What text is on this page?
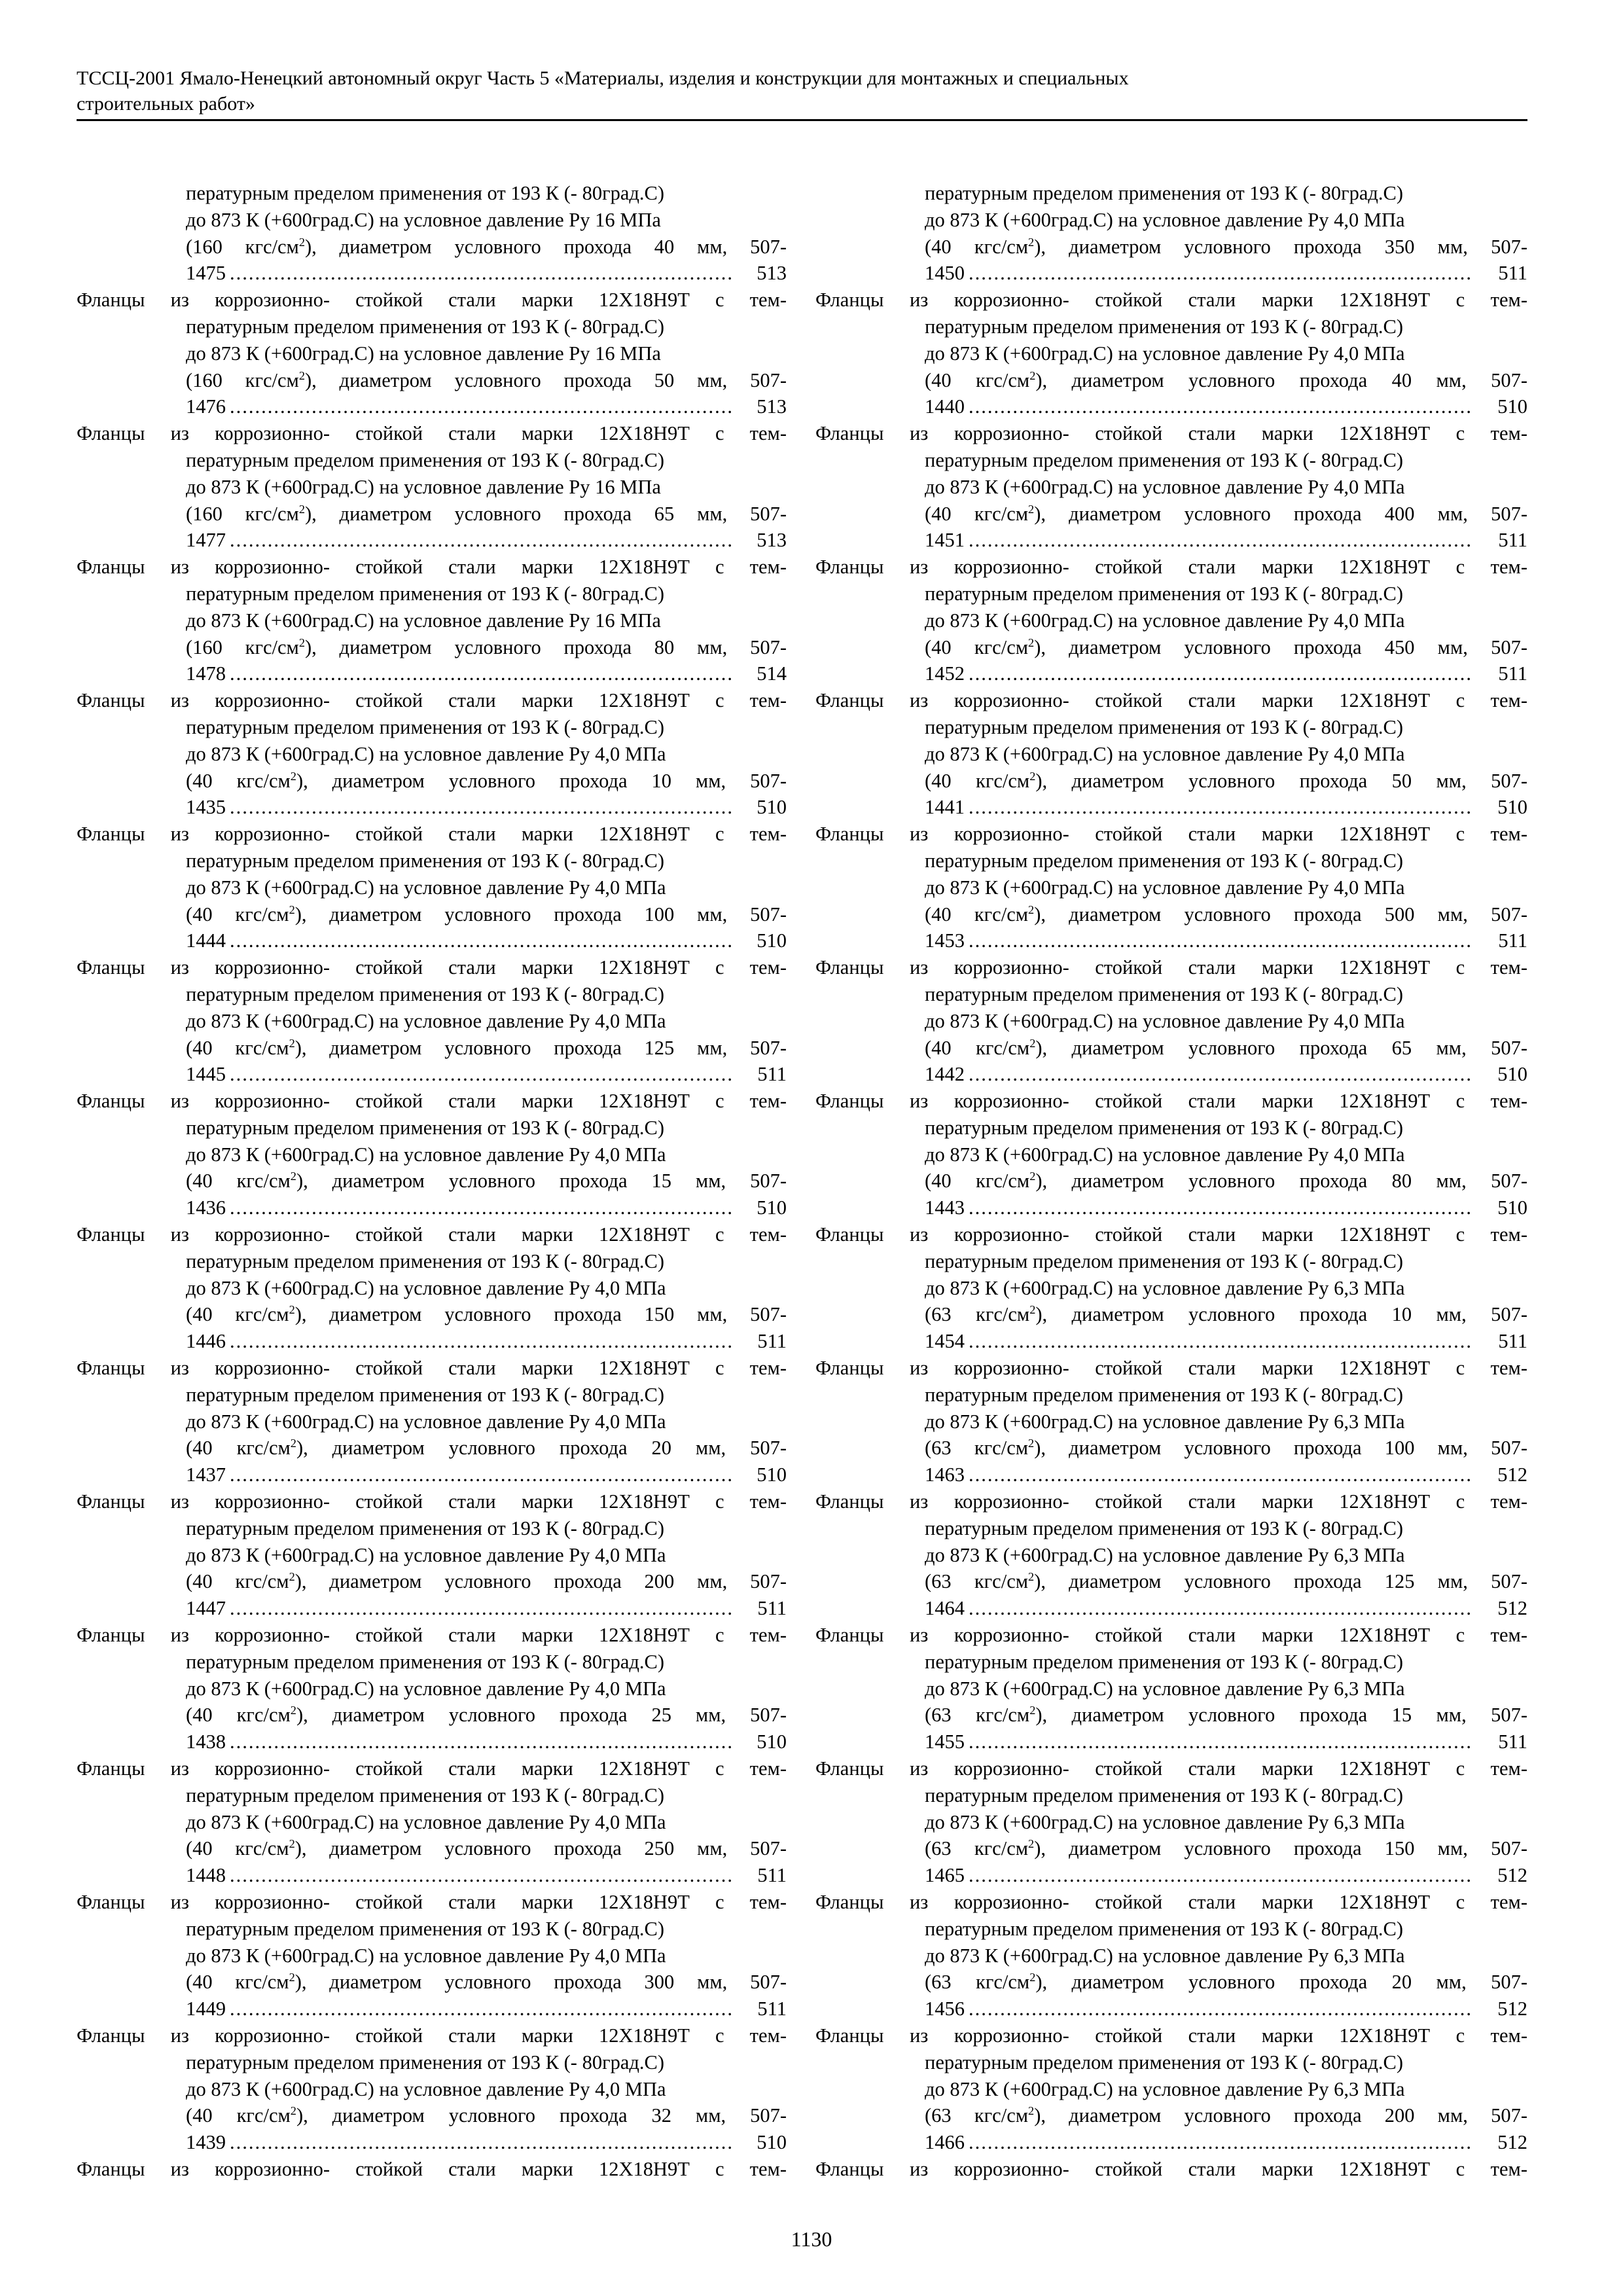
ТССЦ-2001 Ямало-Ненецкий автономный округ Часть 5 «Материалы, изделия и конструкции для монтажных и специальных
строительных работ»
пературным пределом применения от 193 К (- 80град.С)
до 873 К (+600град.С) на условное давление Ру 16 МПа
(160 кгс/$см^2$), диаметром условного прохода 40 мм, 507-
1475 ................................................................................	513
Фланцы из коррозионно- стойкой стали марки 12Х18Н9Т с тем-
пературным пределом применения от 193 К (- 80град.С)
до 873 К (+600град.С) на условное давление Ру 16 МПа
(160 кгс/$см^2$), диаметром условного прохода 50 мм, 507-
1476 ................................................................................	513
Фланцы из коррозионно- стойкой стали марки 12Х18Н9Т с тем-
пературным пределом применения от 193 К (- 80град.С)
до 873 К (+600град.С) на условное давление Ру 16 МПа
(160 кгс/$см^2$), диаметром условного прохода 65 мм, 507-
1477 ................................................................................	513
Фланцы из коррозионно- стойкой стали марки 12Х18Н9Т с тем-
пературным пределом применения от 193 К (- 80град.С)
до 873 К (+600град.С) на условное давление Ру 16 МПа
(160 кгс/$см^2$), диаметром условного прохода 80 мм, 507-
1478 ................................................................................	514
Фланцы из коррозионно- стойкой стали марки 12Х18Н9Т с тем-
пературным пределом применения от 193 К (- 80град.С)
до 873 К (+600град.С) на условное давление Ру 4,0 МПа
(40 кгс/$см^2$), диаметром условного прохода 10 мм, 507-
1435 ................................................................................	510
Фланцы из коррозионно- стойкой стали марки 12Х18Н9Т с тем-
пературным пределом применения от 193 К (- 80град.С)
до 873 К (+600град.С) на условное давление Ру 4,0 МПа
(40 кгс/$см^2$), диаметром условного прохода 100 мм, 507-
1444 ................................................................................	510
Фланцы из коррозионно- стойкой стали марки 12Х18Н9Т с тем-
пературным пределом применения от 193 К (- 80град.С)
до 873 К (+600град.С) на условное давление Ру 4,0 МПа
(40 кгс/$см^2$), диаметром условного прохода 125 мм, 507-
1445 ................................................................................	511
Фланцы из коррозионно- стойкой стали марки 12Х18Н9Т с тем-
пературным пределом применения от 193 К (- 80град.С)
до 873 К (+600град.С) на условное давление Ру 4,0 МПа
(40 кгс/$см^2$), диаметром условного прохода 15 мм, 507-
1436 ................................................................................	510
Фланцы из коррозионно- стойкой стали марки 12Х18Н9Т с тем-
пературным пределом применения от 193 К (- 80град.С)
до 873 К (+600град.С) на условное давление Ру 4,0 МПа
(40 кгс/$см^2$), диаметром условного прохода 150 мм, 507-
1446 ................................................................................	511
Фланцы из коррозионно- стойкой стали марки 12Х18Н9Т с тем-
пературным пределом применения от 193 К (- 80град.С)
до 873 К (+600град.С) на условное давление Ру 4,0 МПа
(40 кгс/$см^2$), диаметром условного прохода 20 мм, 507-
1437 ................................................................................	510
Фланцы из коррозионно- стойкой стали марки 12Х18Н9Т с тем-
пературным пределом применения от 193 К (- 80град.С)
до 873 К (+600град.С) на условное давление Ру 4,0 МПа
(40 кгс/$см^2$), диаметром условного прохода 200 мм, 507-
1447 ................................................................................	511
Фланцы из коррозионно- стойкой стали марки 12Х18Н9Т с тем-
пературным пределом применения от 193 К (- 80град.С)
до 873 К (+600град.С) на условное давление Ру 4,0 МПа
(40 кгс/$см^2$), диаметром условного прохода 25 мм, 507-
1438 ................................................................................	510
Фланцы из коррозионно- стойкой стали марки 12Х18Н9Т с тем-
пературным пределом применения от 193 К (- 80град.С)
до 873 К (+600град.С) на условное давление Ру 4,0 МПа
(40 кгс/$см^2$), диаметром условного прохода 250 мм, 507-
1448 ................................................................................	511
Фланцы из коррозионно- стойкой стали марки 12Х18Н9Т с тем-
пературным пределом применения от 193 К (- 80град.С)
до 873 К (+600град.С) на условное давление Ру 4,0 МПа
(40 кгс/$см^2$), диаметром условного прохода 300 мм, 507-
1449 ................................................................................	511
Фланцы из коррозионно- стойкой стали марки 12Х18Н9Т с тем-
пературным пределом применения от 193 К (- 80град.С)
до 873 К (+600град.С) на условное давление Ру 4,0 МПа
(40 кгс/$см^2$), диаметром условного прохода 32 мм, 507-
1439 ................................................................................	510
Фланцы из коррозионно- стойкой стали марки 12Х18Н9Т с тем-
пературным пределом применения от 193 К (- 80град.С)
до 873 К (+600град.С) на условное давление Ру 4,0 МПа
(40 кгс/$см^2$), диаметром условного прохода 350 мм, 507-
1450 ................................................................................	511
Фланцы из коррозионно- стойкой стали марки 12Х18Н9Т с тем-
пературным пределом применения от 193 К (- 80град.С)
до 873 К (+600град.С) на условное давление Ру 4,0 МПа
(40 кгс/$см^2$), диаметром условного прохода 40 мм, 507-
1440 ................................................................................	510
Фланцы из коррозионно- стойкой стали марки 12Х18Н9Т с тем-
пературным пределом применения от 193 К (- 80град.С)
до 873 К (+600град.С) на условное давление Ру 4,0 МПа
(40 кгс/$см^2$), диаметром условного прохода 400 мм, 507-
1451 ................................................................................	511
Фланцы из коррозионно- стойкой стали марки 12Х18Н9Т с тем-
пературным пределом применения от 193 К (- 80град.С)
до 873 К (+600град.С) на условное давление Ру 4,0 МПа
(40 кгс/$см^2$), диаметром условного прохода 450 мм, 507-
1452 ................................................................................	511
Фланцы из коррозионно- стойкой стали марки 12Х18Н9Т с тем-
пературным пределом применения от 193 К (- 80град.С)
до 873 К (+600град.С) на условное давление Ру 4,0 МПа
(40 кгс/$см^2$), диаметром условного прохода 50 мм, 507-
1441 ................................................................................	510
Фланцы из коррозионно- стойкой стали марки 12Х18Н9Т с тем-
пературным пределом применения от 193 К (- 80град.С)
до 873 К (+600град.С) на условное давление Ру 4,0 МПа
(40 кгс/$см^2$), диаметром условного прохода 500 мм, 507-
1453 ................................................................................	511
Фланцы из коррозионно- стойкой стали марки 12Х18Н9Т с тем-
пературным пределом применения от 193 К (- 80град.С)
до 873 К (+600град.С) на условное давление Ру 4,0 МПа
(40 кгс/$см^2$), диаметром условного прохода 65 мм, 507-
1442 ................................................................................	510
Фланцы из коррозионно- стойкой стали марки 12Х18Н9Т с тем-
пературным пределом применения от 193 К (- 80град.С)
до 873 К (+600град.С) на условное давление Ру 4,0 МПа
(40 кгс/$см^2$), диаметром условного прохода 80 мм, 507-
1443 ................................................................................	510
Фланцы из коррозионно- стойкой стали марки 12Х18Н9Т с тем-
пературным пределом применения от 193 К (- 80град.С)
до 873 К (+600град.С) на условное давление Ру 6,3 МПа
(63 кгс/$см^2$), диаметром условного прохода 10 мм, 507-
1454 ................................................................................	511
Фланцы из коррозионно- стойкой стали марки 12Х18Н9Т с тем-
пературным пределом применения от 193 К (- 80град.С)
до 873 К (+600град.С) на условное давление Ру 6,3 МПа
(63 кгс/$см^2$), диаметром условного прохода 100 мм, 507-
1463 ................................................................................	512
Фланцы из коррозионно- стойкой стали марки 12Х18Н9Т с тем-
пературным пределом применения от 193 К (- 80град.С)
до 873 К (+600град.С) на условное давление Ру 6,3 МПа
(63 кгс/$см^2$), диаметром условного прохода 125 мм, 507-
1464 ................................................................................	512
Фланцы из коррозионно- стойкой стали марки 12Х18Н9Т с тем-
пературным пределом применения от 193 К (- 80град.С)
до 873 К (+600град.С) на условное давление Ру 6,3 МПа
(63 кгс/$см^2$), диаметром условного прохода 15 мм, 507-
1455 ................................................................................	511
Фланцы из коррозионно- стойкой стали марки 12Х18Н9Т с тем-
пературным пределом применения от 193 К (- 80град.С)
до 873 К (+600град.С) на условное давление Ру 6,3 МПа
(63 кгс/$см^2$), диаметром условного прохода 150 мм, 507-
1465 ................................................................................	512
Фланцы из коррозионно- стойкой стали марки 12Х18Н9Т с тем-
пературным пределом применения от 193 К (- 80град.С)
до 873 К (+600град.С) на условное давление Ру 6,3 МПа
(63 кгс/$см^2$), диаметром условного прохода 20 мм, 507-
1456 ................................................................................	512
Фланцы из коррозионно- стойкой стали марки 12Х18Н9Т с тем-
пературным пределом применения от 193 К (- 80град.С)
до 873 К (+600град.С) на условное давление Ру 6,3 МПа
(63 кгс/$см^2$), диаметром условного прохода 200 мм, 507-
1466 ................................................................................	512
Фланцы из коррозионно- стойкой стали марки 12Х18Н9Т с тем-
1130
